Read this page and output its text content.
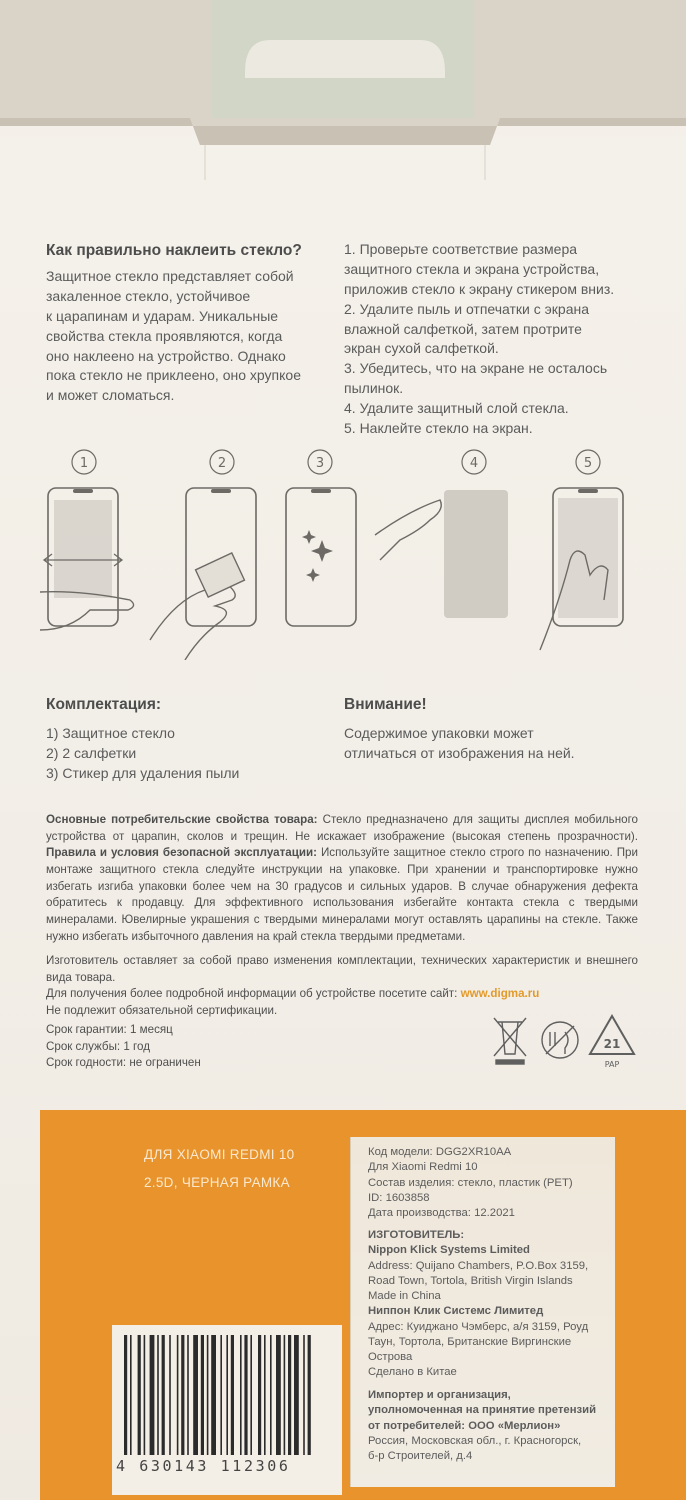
Как правильно наклеить стекло?
Защитное стекло представляет собой
закаленное стекло, устойчивое
к царапинам и ударам. Уникальные
свойства стекла проявляются, когда
оно наклеено на устройство. Однако
пока стекло не приклеено, оно хрупкое
и может сломаться.
1. Проверьте соответствие размера
защитного стекла и экрана устройства,
приложив стекло к экрану стикером вниз.
2. Удалите пыль и отпечатки с экрана
влажной салфеткой, затем протрите
экран сухой салфеткой.
3. Убедитесь, что на экране не осталось
пылинок.
4. Удалите защитный слой стекла.
5. Наклейте стекло на экран.
1	2	3	4	5
Комплектация:
1) Защитное стекло
2) 2 салфетки
3) Стикер для удаления пыли
Внимание!
Содержимое упаковки может
отличаться от изображения на ней.
Основные потребительские свойства товара: Стекло предназначено для защиты дисплея мобильного устройства от царапин, сколов и трещин. Не искажает изображение (высокая степень прозрачности). Правила и условия безопасной эксплуатации: Используйте защитное стекло строго по назначению. При монтаже защитного стекла следуйте инструкции на упаковке. При хранении и транспортировке нужно избегать изгиба упаковки более чем на 30 градусов и сильных ударов. В случае обнаружения дефекта обратитесь к продавцу. Для эффективного использования избегайте контакта стекла с твердыми минералами. Ювелирные украшения с твердыми минералами могут оставлять царапины на стекле. Также нужно избегать избыточного давления на край стекла твердыми предметами.
Изготовитель оставляет за собой право изменения комплектации, технических характеристик и внешнего вида товара.
Для получения более подробной информации об устройстве посетите сайт: www.digma.ru
Не подлежит обязательной сертификации.
Срок гарантии: 1 месяц
Срок службы: 1 год
Срок годности: не ограничен
21
PAP
ДЛЯ XIAOMI REDMI 10
2.5D, ЧЕРНАЯ РАМКА
Код модели: DGG2XR10AA
Для Xiaomi Redmi 10
Состав изделия: стекло, пластик (PET)
ID: 1603858
Дата производства: 12.2021
ИЗГОТОВИТЕЛЬ:
Nippon Klick Systems Limited
Address: Quijano Chambers, P.O.Box 3159,
Road Town, Tortola, British Virgin Islands
Made in China
Ниппон Клик Системс Лимитед
Адрес: Куиджано Чэмберс, а/я 3159, Роуд
Таун, Тортола, Британские Виргинские
Острова
Сделано в Китае
Импортер и организация,
уполномоченная на принятие претензий
от потребителей: ООО «Мерлион»
Россия, Московская обл., г. Красногорск,
б-р Строителей, д.4
4 630143 112306
